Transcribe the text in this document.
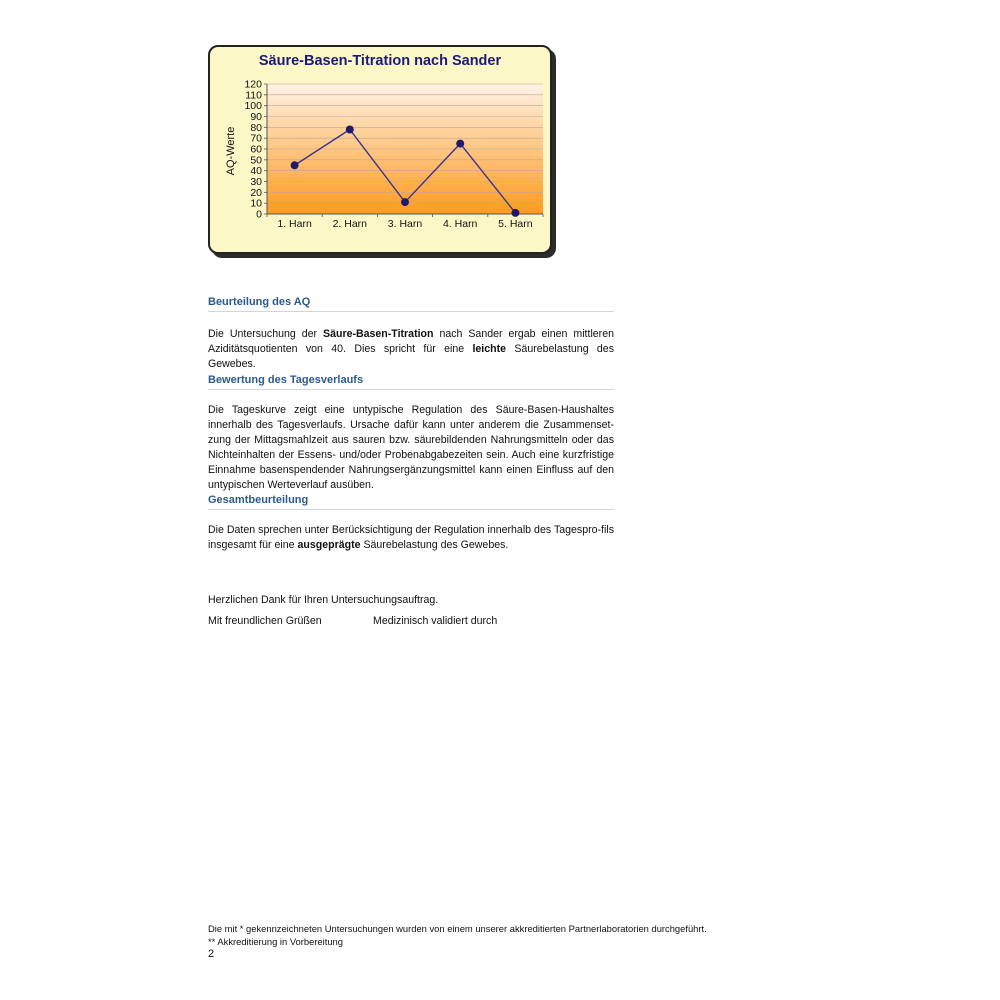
Säure-Basen-Titration nach Sander
0
10
20
30
40
50
60
70
80
90
100
110
120
1. Harn 2. Harn 3. Harn 4. Harn 5. Harn
AQ-Werte
Beurteilung des AQ

Die Untersuchung der Säure-Basen-Titration nach Sander ergab einen mittleren Aziditätsquotienten von 40. Dies spricht für eine leichte Säurebelastung des Gewebes.

Bewertung des Tagesverlaufs

Die Tageskurve zeigt eine untypische Regulation des Säure-Basen-Haushaltes innerhalb des Tagesverlaufs. Ursache dafür kann unter anderem die Zusammenset-zung der Mittagsmahlzeit aus sauren bzw. säurebildenden Nahrungsmitteln oder das Nichteinhalten der Essens- und/oder Probenabgabezeiten sein. Auch eine kurzfristige Einnahme basenspendender Nahrungsergänzungsmittel kann einen Einfluss auf den untypischen Werteverlauf ausüben.

Gesamtbeurteilung

Die Daten sprechen unter Berücksichtigung der Regulation innerhalb des Tagespro-fils insgesamt für eine ausgeprägte Säurebelastung des Gewebes.

Herzlichen Dank für Ihren Untersuchungsauftrag.
Mit freundlichen Grüßen	Medizinisch validiert durch
Die mit * gekennzeichneten Untersuchungen wurden von einem unserer akkreditierten Partnerlaboratorien durchgeführt.
** Akkreditierung in Vorbereitung
2
